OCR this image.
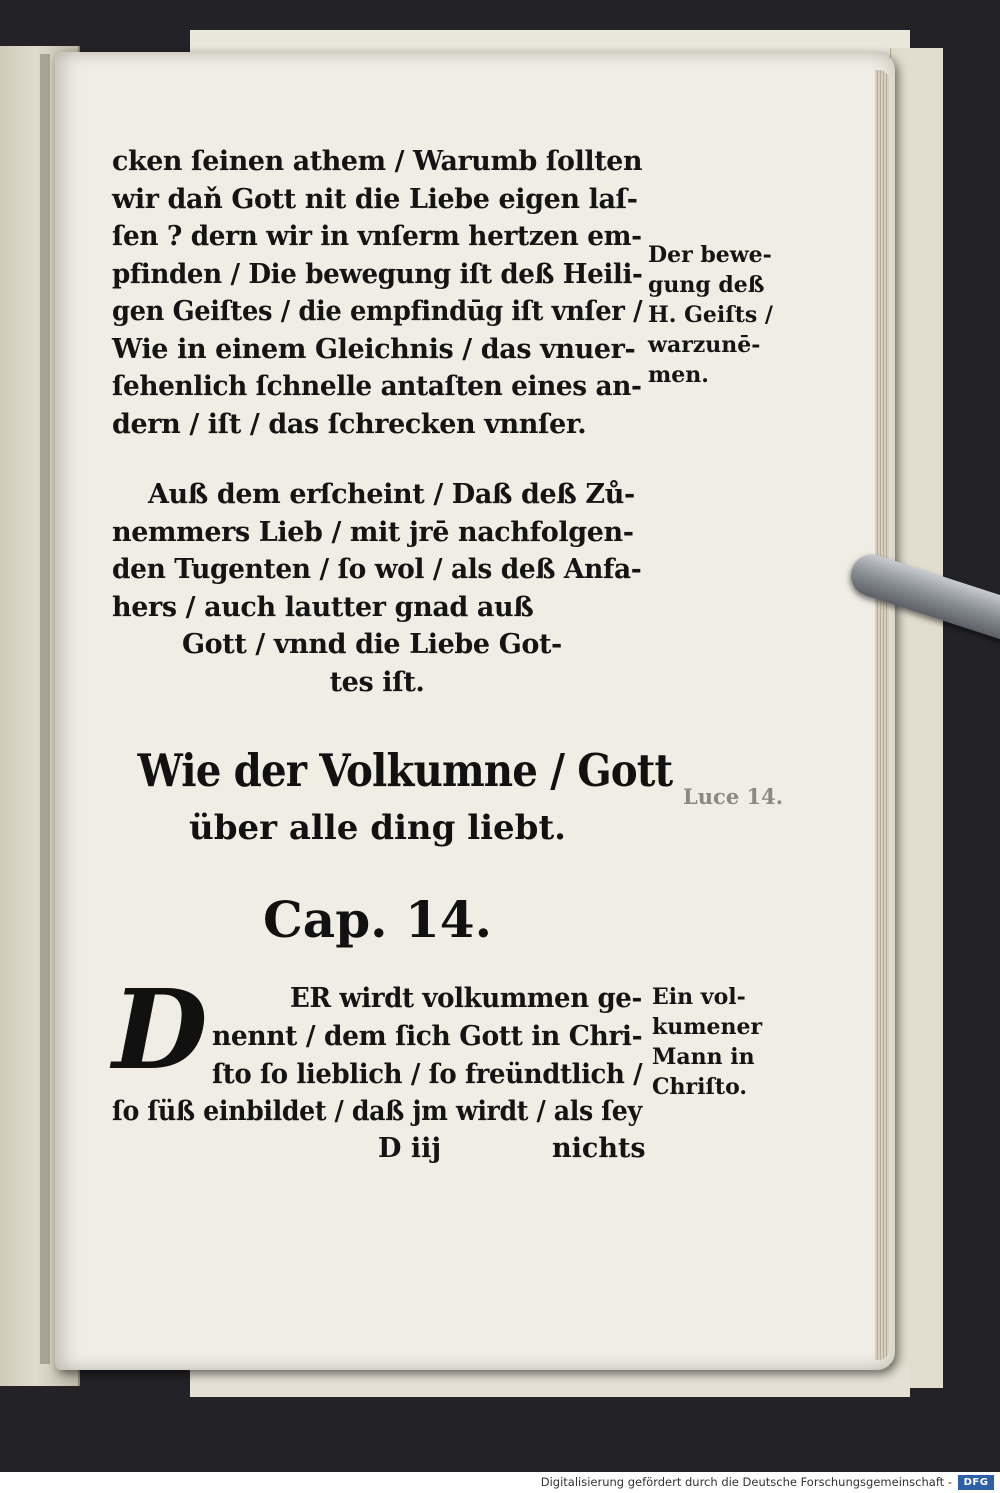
cken ſeinen athem / Warumb ſollten
wir daň Gott nit die Liebe eigen laſ-
ſen ? dern wir in vnſerm hertzen em-
pfinden / Die bewegung iſt deß Heili-
gen Geiſtes / die empfindūg iſt vnſer /
Wie in einem Gleichnis / das vnuer-
ſehenlich ſchnelle antaſten eines an-
dern / iſt / das ſchrecken vnnſer.
Auß dem erſcheint / Daß deß Zů-
nemmers Lieb / mit jrē nachfolgen-
den Tugenten / ſo wol / als deß Anfa-
hers / auch lautter gnad auß
Gott / vnnd die Liebe Got-
tes iſt.
Wie der Volkumne / Gott
über alle ding liebt.
Cap. 14.
D	ER wirdt volkummen ge-
nennt / dem ſich Gott in Chri-
ſto ſo lieblich / ſo freündtlich /
ſo ſüß einbildet / daß jm wirdt / als ſey
D iij	nichts
Der bewe-
gung deß
H. Geiſts /
warzunē-
men.
Luce 14.
Ein vol-
kumener
Mann in
Chriſto.
Digitalisierung gefördert durch die Deutsche Forschungsgemeinschaft -	DFG
